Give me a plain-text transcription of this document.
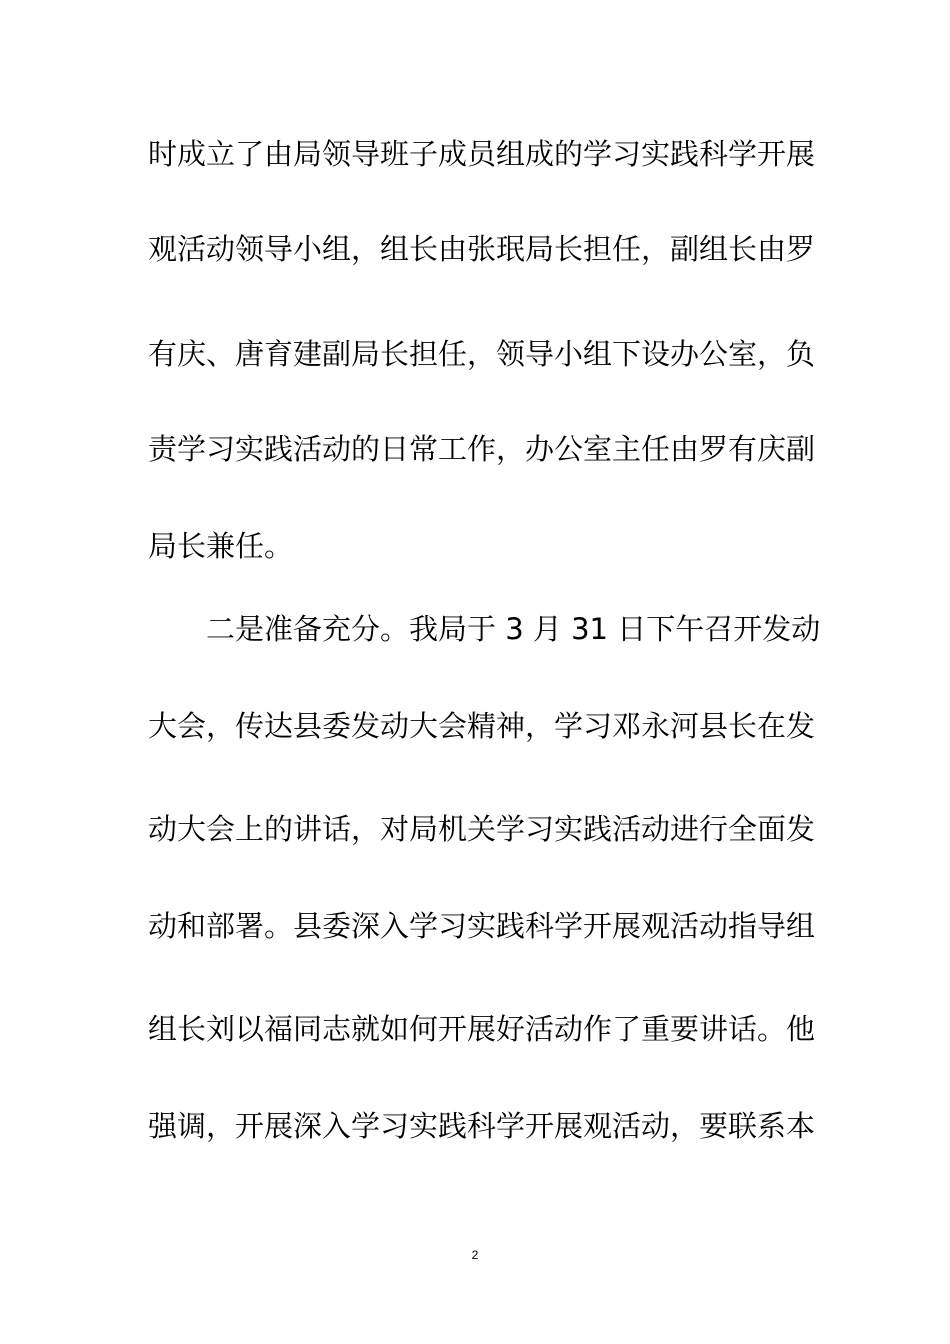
时成立了由局领导班子成员组成的学习实践科学开展
观活动领导小组，组长由张珉局长担任，副组长由罗
有庆、唐育建副局长担任，领导小组下设办公室，负
责学习实践活动的日常工作，办公室主任由罗有庆副
局长兼任。
二是准备充分。我局于 3 月 31 日下午召开发动
大会，传达县委发动大会精神，学习邓永河县长在发
动大会上的讲话，对局机关学习实践活动进行全面发
动和部署。县委深入学习实践科学开展观活动指导组
组长刘以福同志就如何开展好活动作了重要讲话。他
强调，开展深入学习实践科学开展观活动，要联系本
2
